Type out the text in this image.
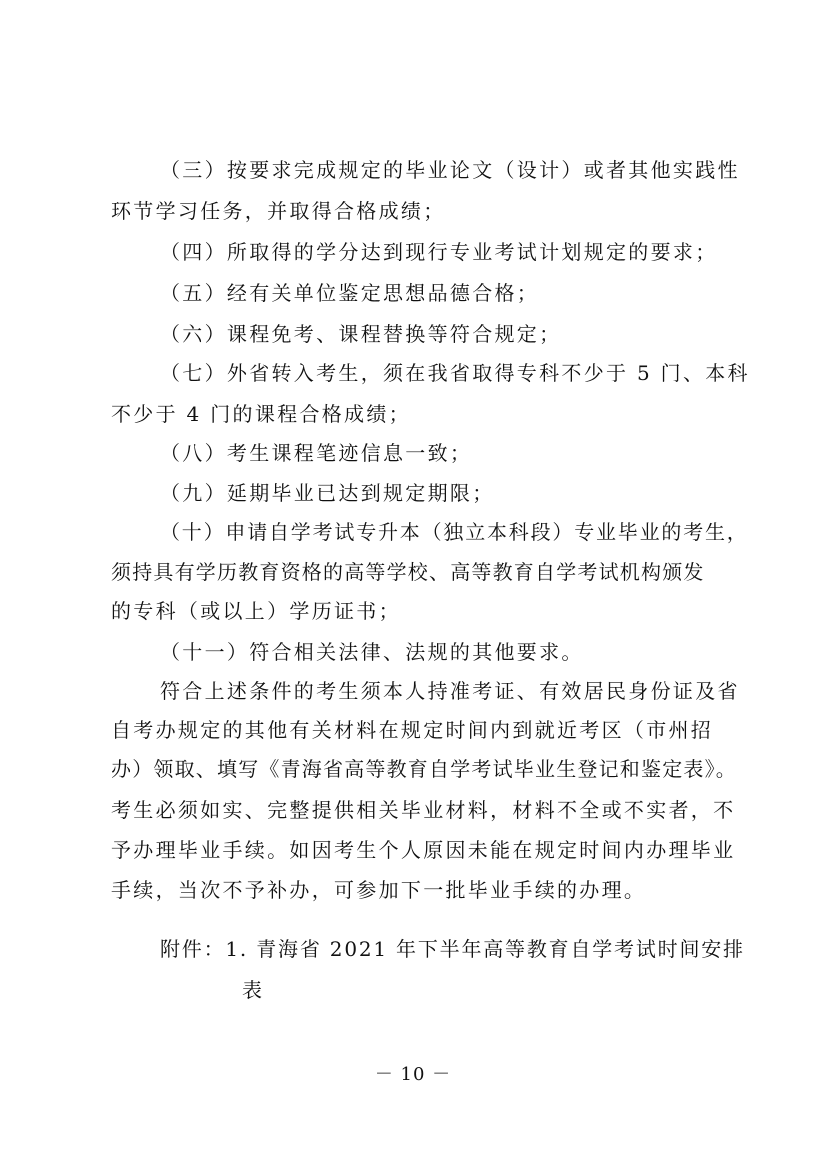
（三）按要求完成规定的毕业论文（设计）或者其他实践性
环节学习任务，并取得合格成绩；
（四）所取得的学分达到现行专业考试计划规定的要求；
（五）经有关单位鉴定思想品德合格；
（六）课程免考、课程替换等符合规定；
（七）外省转入考生，须在我省取得专科不少于 5 门、本科
不少于 4 门的课程合格成绩；
（八）考生课程笔迹信息一致；
（九）延期毕业已达到规定期限；
（十）申请自学考试专升本（独立本科段）专业毕业的考生，
须持具有学历教育资格的高等学校、高等教育自学考试机构颁发
的专科（或以上）学历证书；
（十一）符合相关法律、法规的其他要求。
符合上述条件的考生须本人持准考证、有效居民身份证及省
自考办规定的其他有关材料在规定时间内到就近考区（市州招
办）领取、填写《青海省高等教育自学考试毕业生登记和鉴定表》。
考生必须如实、完整提供相关毕业材料，材料不全或不实者，不
予办理毕业手续。如因考生个人原因未能在规定时间内办理毕业
手续，当次不予补办，可参加下一批毕业手续的办理。
附件：1. 青海省 2021 年下半年高等教育自学考试时间安排
表
－ 10 －
